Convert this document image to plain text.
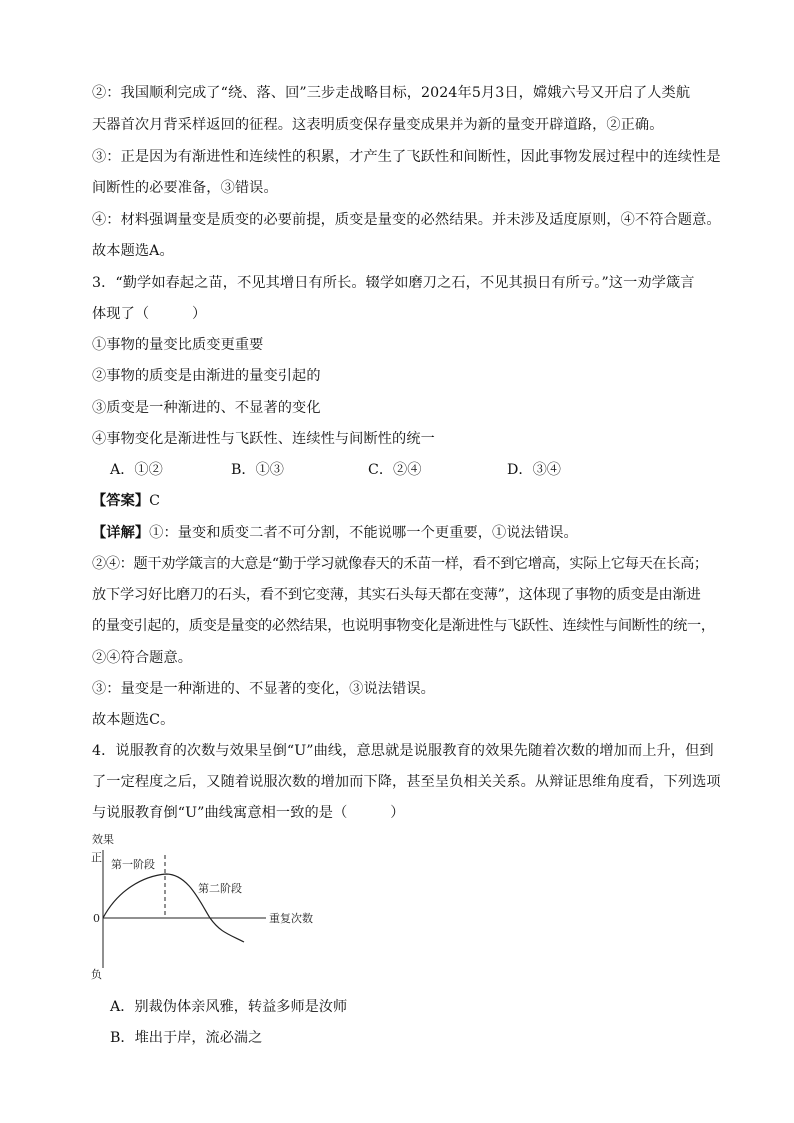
②：我国顺利完成了“绕、落、回”三步走战略目标，2024年5月3日，嫦娥六号又开启了人类航
天器首次月背采样返回的征程。这表明质变保存量变成果并为新的量变开辟道路，②正确。
③：正是因为有渐进性和连续性的积累，才产生了飞跃性和间断性，因此事物发展过程中的连续性是
间断性的必要准备，③错误。
④：材料强调量变是质变的必要前提，质变是量变的必然结果。并未涉及适度原则，④不符合题意。
故本题选A。
3．“勤学如春起之苗，不见其增日有所长。辍学如磨刀之石，不见其损日有所亏。”这一劝学箴言
体现了（　　　）
①事物的量变比质变更重要
②事物的质变是由渐进的量变引起的
③质变是一种渐进的、不显著的变化
④事物变化是渐进性与飞跃性、连续性与间断性的统一
A．①②	B．①③	C．②④	D．③④
【答案】C
【详解】①：量变和质变二者不可分割，不能说哪一个更重要，①说法错误。
②④：题干劝学箴言的大意是“勤于学习就像春天的禾苗一样，看不到它增高，实际上它每天在长高；
放下学习好比磨刀的石头，看不到它变薄，其实石头每天都在变薄”，这体现了事物的质变是由渐进
的量变引起的，质变是量变的必然结果，也说明事物变化是渐进性与飞跃性、连续性与间断性的统一，
②④符合题意。
③：量变是一种渐进的、不显著的变化，③说法错误。
故本题选C。
4．说服教育的次数与效果呈倒“U”曲线，意思就是说服教育的效果先随着次数的增加而上升，但到
了一定程度之后，又随着说服次数的增加而下降，甚至呈负相关关系。从辩证思维角度看，下列选项
与说服教育倒“U”曲线寓意相一致的是（　　　）
效果
正
0
负
重复次数
第一阶段
第二阶段
A．别裁伪体亲风雅，转益多师是汝师
B．堆出于岸，流必湍之
